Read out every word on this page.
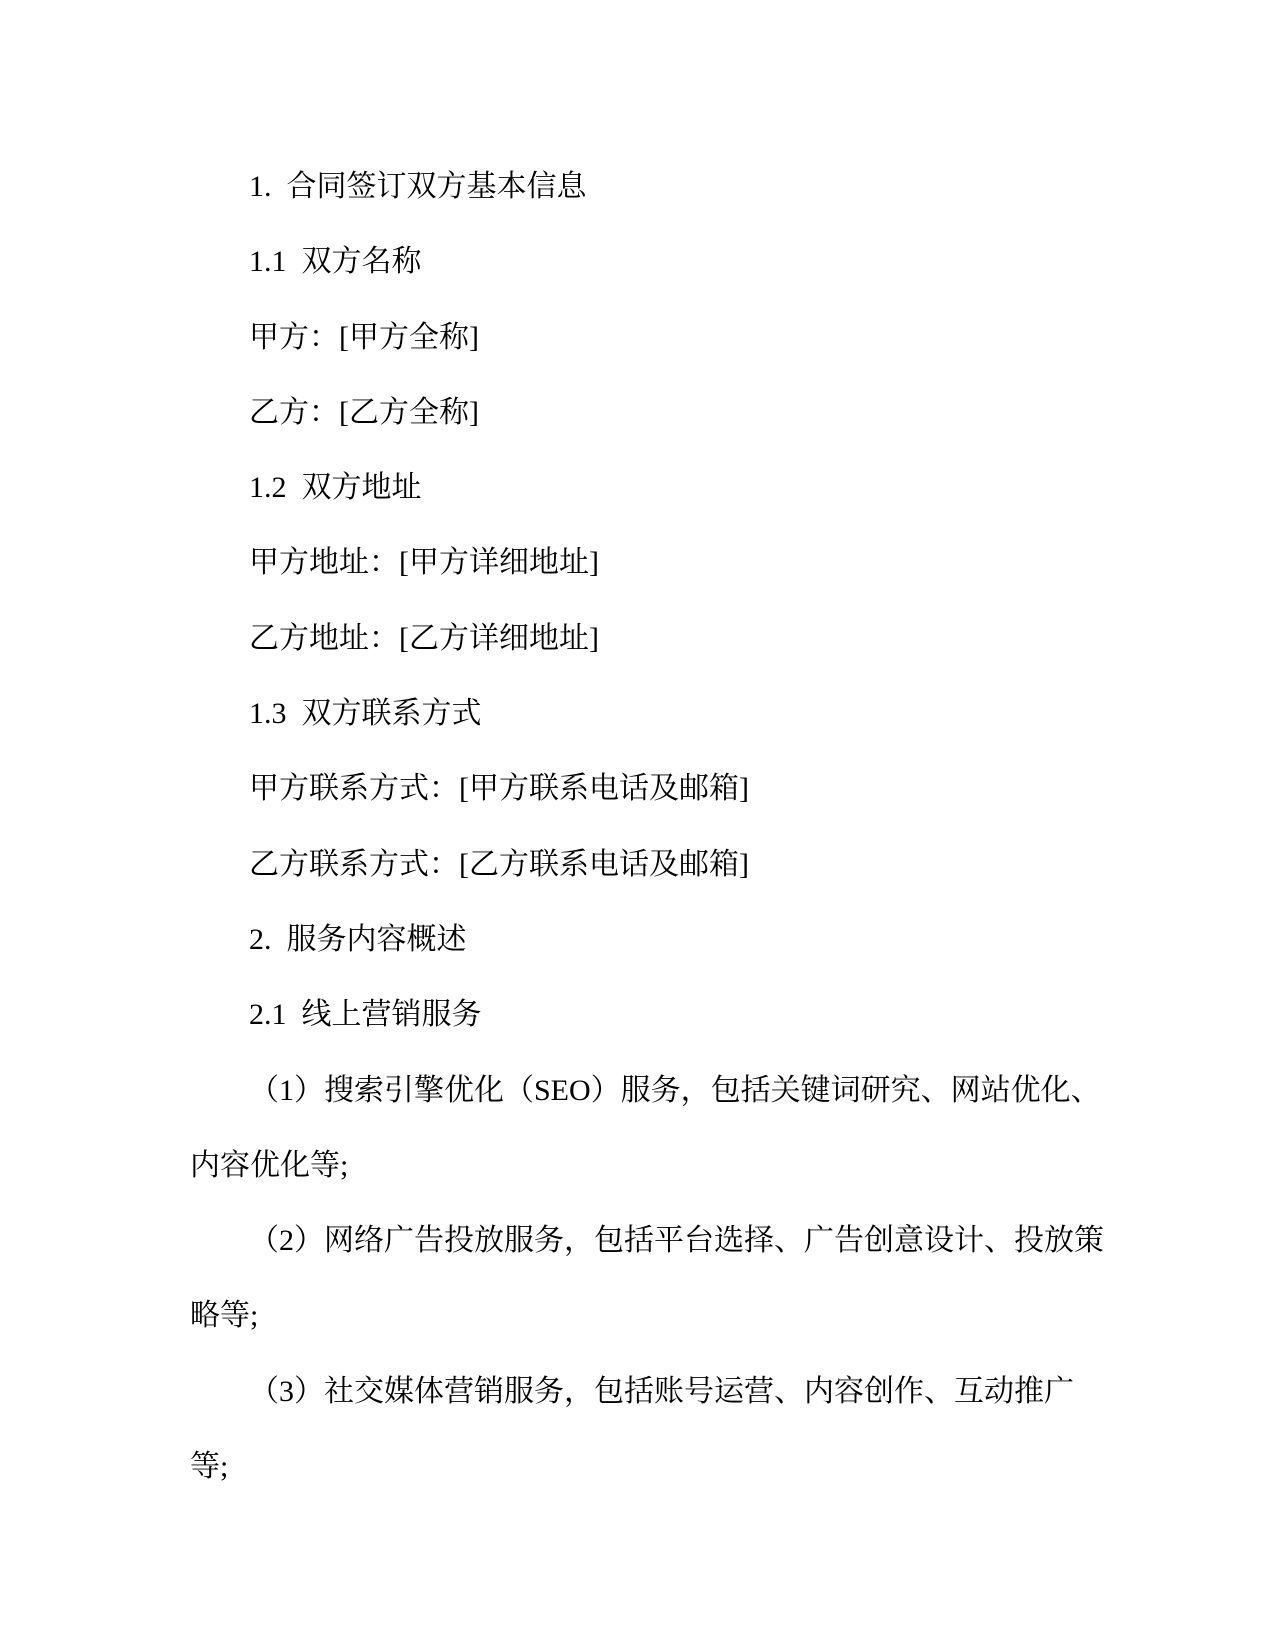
1.  合同签订双方基本信息
1.1  双方名称
甲方：[甲方全称]
乙方：[乙方全称]
1.2  双方地址
甲方地址：[甲方详细地址]
乙方地址：[乙方详细地址]
1.3  双方联系方式
甲方联系方式：[甲方联系电话及邮箱]
乙方联系方式：[乙方联系电话及邮箱]
2.  服务内容概述
2.1  线上营销服务
（1）搜索引擎优化（SEO）服务，包括关键词研究、网站优化、
内容优化等;
（2）网络广告投放服务，包括平台选择、广告创意设计、投放策
略等;
（3）社交媒体营销服务，包括账号运营、内容创作、互动推广
等;
